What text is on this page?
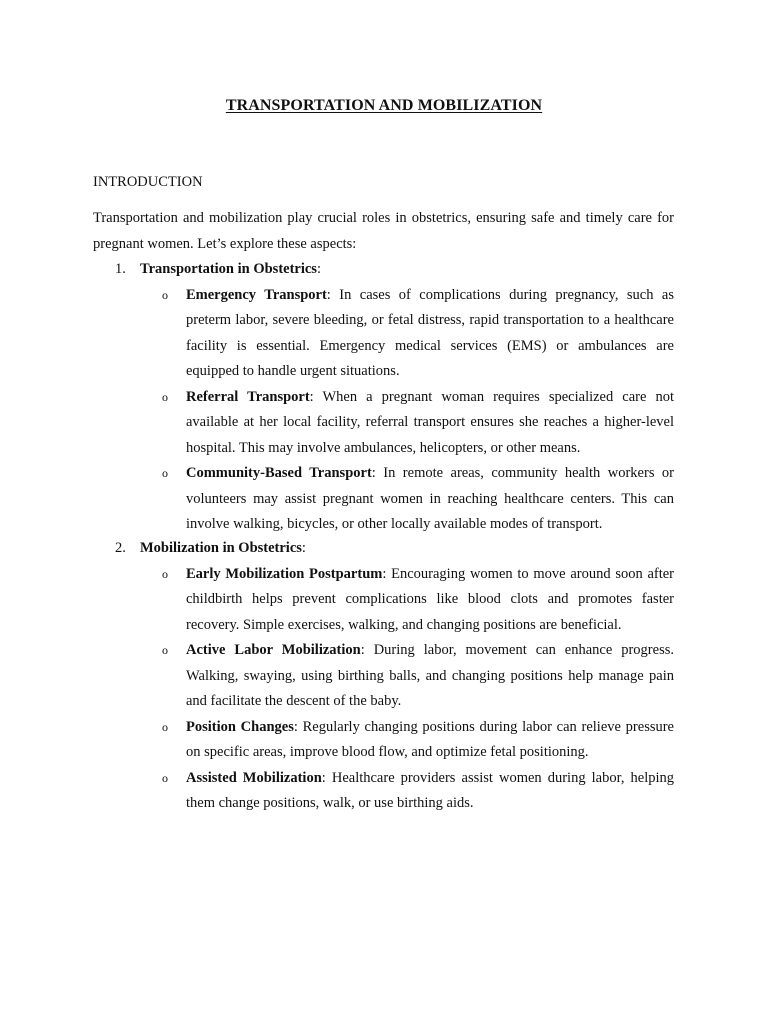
TRANSPORTATION AND MOBILIZATION
INTRODUCTION
Transportation and mobilization play crucial roles in obstetrics, ensuring safe and timely care for pregnant women. Let’s explore these aspects:
1. Transportation in Obstetrics:
o Emergency Transport: In cases of complications during pregnancy, such as preterm labor, severe bleeding, or fetal distress, rapid transportation to a healthcare facility is essential. Emergency medical services (EMS) or ambulances are equipped to handle urgent situations.
o Referral Transport: When a pregnant woman requires specialized care not available at her local facility, referral transport ensures she reaches a higher-level hospital. This may involve ambulances, helicopters, or other means.
o Community-Based Transport: In remote areas, community health workers or volunteers may assist pregnant women in reaching healthcare centers. This can involve walking, bicycles, or other locally available modes of transport.
2. Mobilization in Obstetrics:
o Early Mobilization Postpartum: Encouraging women to move around soon after childbirth helps prevent complications like blood clots and promotes faster recovery. Simple exercises, walking, and changing positions are beneficial.
o Active Labor Mobilization: During labor, movement can enhance progress. Walking, swaying, using birthing balls, and changing positions help manage pain and facilitate the descent of the baby.
o Position Changes: Regularly changing positions during labor can relieve pressure on specific areas, improve blood flow, and optimize fetal positioning.
o Assisted Mobilization: Healthcare providers assist women during labor, helping them change positions, walk, or use birthing aids.
